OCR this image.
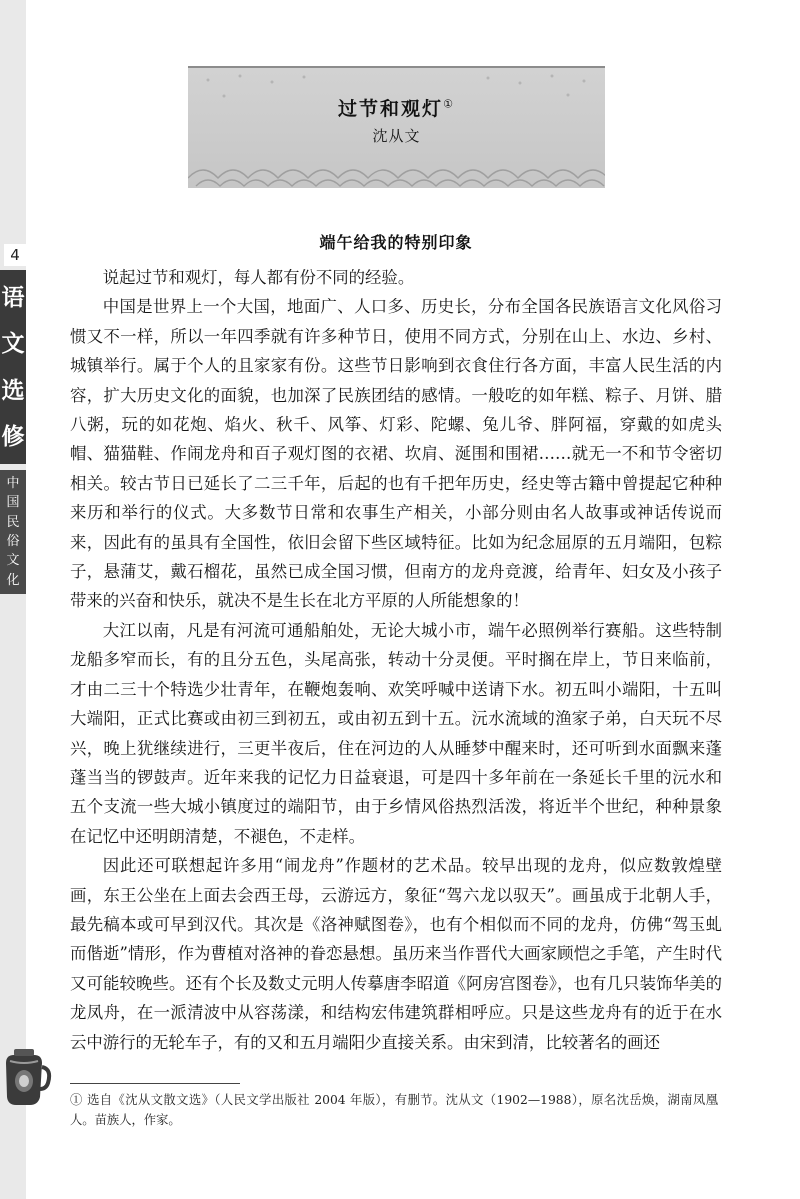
4
语
文
选
修
中
国
民
俗
文
化
过节和观灯①
沈从文
端午给我的特别印象

说起过节和观灯，每人都有份不同的经验。

中国是世界上一个大国，地面广、人口多、历史长，分布全国各民族语言文化风俗习惯又不一样，所以一年四季就有许多种节日，使用不同方式，分别在山上、水边、乡村、城镇举行。属于个人的且家家有份。这些节日影响到衣食住行各方面，丰富人民生活的内容，扩大历史文化的面貌，也加深了民族团结的感情。一般吃的如年糕、粽子、月饼、腊八粥，玩的如花炮、焰火、秋千、风筝、灯彩、陀螺、兔儿爷、胖阿福，穿戴的如虎头帽、猫猫鞋、作闹龙舟和百子观灯图的衣裙、坎肩、涎围和围裙……就无一不和节令密切相关。较古节日已延长了二三千年，后起的也有千把年历史，经史等古籍中曾提起它种种来历和举行的仪式。大多数节日常和农事生产相关，小部分则由名人故事或神话传说而来，因此有的虽具有全国性，依旧会留下些区域特征。比如为纪念屈原的五月端阳，包粽子，悬蒲艾，戴石榴花，虽然已成全国习惯，但南方的龙舟竞渡，给青年、妇女及小孩子带来的兴奋和快乐，就决不是生长在北方平原的人所能想象的！

大江以南，凡是有河流可通船舶处，无论大城小市，端午必照例举行赛船。这些特制龙船多窄而长，有的且分五色，头尾高张，转动十分灵便。平时搁在岸上，节日来临前，才由二三十个特选少壮青年，在鞭炮轰响、欢笑呼喊中送请下水。初五叫小端阳，十五叫大端阳，正式比赛或由初三到初五，或由初五到十五。沅水流域的渔家子弟，白天玩不尽兴，晚上犹继续进行，三更半夜后，住在河边的人从睡梦中醒来时，还可听到水面飘来蓬蓬当当的锣鼓声。近年来我的记忆力日益衰退，可是四十多年前在一条延长千里的沅水和五个支流一些大城小镇度过的端阳节，由于乡情风俗热烈活泼，将近半个世纪，种种景象在记忆中还明朗清楚，不褪色，不走样。

因此还可联想起许多用“闹龙舟”作题材的艺术品。较早出现的龙舟，似应数敦煌壁画，东王公坐在上面去会西王母，云游远方，象征“驾六龙以驭天”。画虽成于北朝人手，最先稿本或可早到汉代。其次是《洛神赋图卷》，也有个相似而不同的龙舟，仿佛“驾玉虬而偕逝”情形，作为曹植对洛神的眷恋悬想。虽历来当作晋代大画家顾恺之手笔，产生时代又可能较晚些。还有个长及数丈元明人传摹唐李昭道《阿房宫图卷》，也有几只装饰华美的龙凤舟，在一派清波中从容荡漾，和结构宏伟建筑群相呼应。只是这些龙舟有的近于在水云中游行的无轮车子，有的又和五月端阳少直接关系。由宋到清，比较著名的画还

① 选自《沈从文散文选》（人民文学出版社 2004 年版），有删节。沈从文（1902—1988），原名沈岳焕，湖南凤凰人。苗族人，作家。
